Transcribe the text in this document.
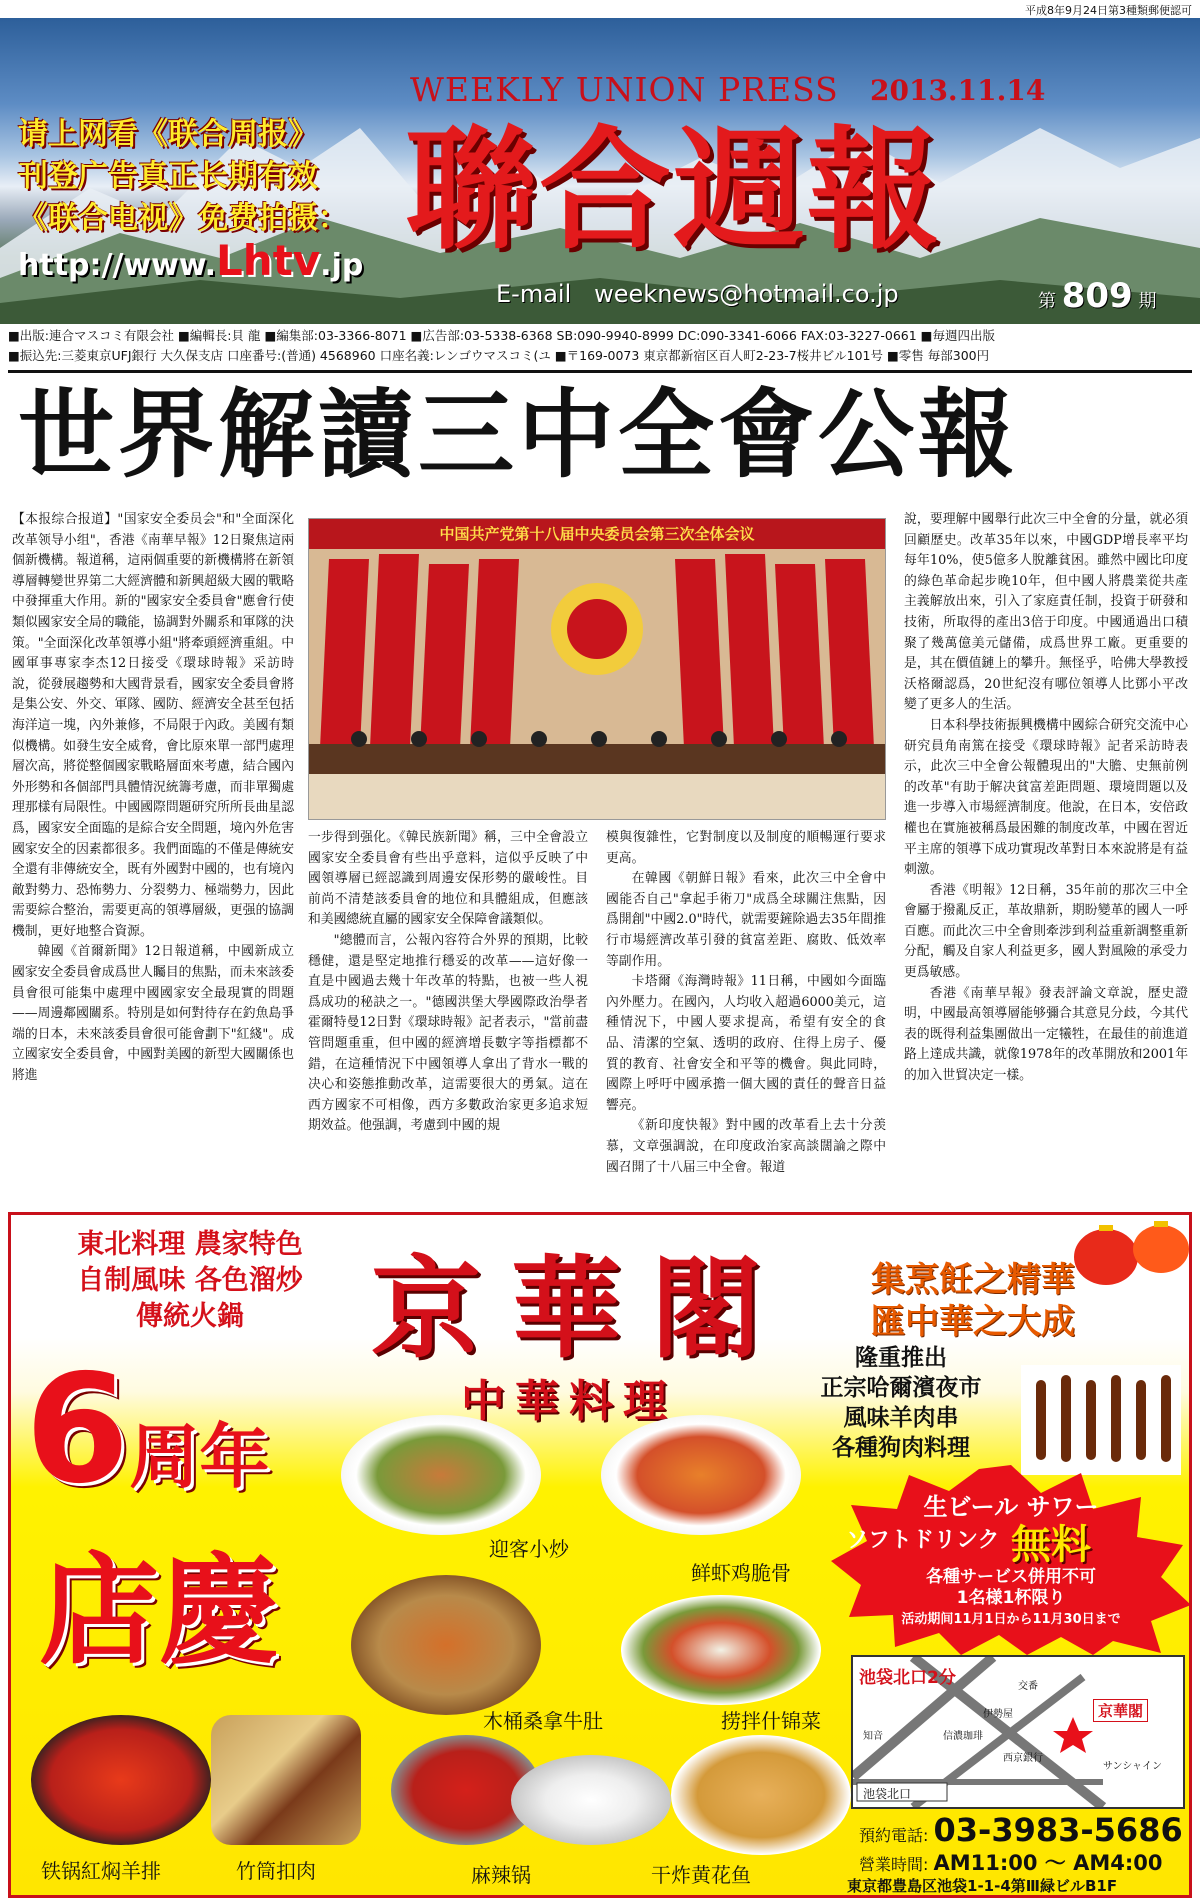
平成8年9月24日第3種類郵便認可
请上网看《联合周报》
刊登广告真正长期有效
《联合电视》免费拍摄：
http://www.Lhtv.jp
WEEKLY UNION PRESS 2013.11.14
聯合週報
E-mail weeknews@hotmail.co.jp	第 809 期
■出版:連合マスコミ有限会社 ■編輯長:貝 龍 ■編集部:03-3366-8071 ■広告部:03-5338-6368 SB:090-9940-8999 DC:090-3341-6066 FAX:03-3227-0661 ■毎週四出版
■振込先:三菱東京UFJ銀行 大久保支店 口座番号:(普通) 4568960 口座名義:レンゴウマスコミ(ユ ■〒169-0073 東京都新宿区百人町2-23-7桜井ビル101号 ■零售 毎部300円
世界解讀三中全會公報

【本报综合报道】"国家安全委员会"和"全面深化改革领导小组"，香港《南華早報》12日聚焦這兩個新機構。報道稱，這兩個重要的新機構將在新領導層轉變世界第二大經濟體和新興超級大國的戰略中發揮重大作用。新的"國家安全委員會"應會行使類似國家安全局的職能，協調對外關系和軍隊的決策。"全面深化改革領導小組"將牽頭經濟重組。中國軍事專家李杰12日接受《環球時報》采訪時說，從發展趨勢和大國背景看，國家安全委員會將是集公安、外交、軍隊、國防、經濟安全甚至包括海洋這一塊，內外兼修，不局限于內政。美國有類似機構。如發生安全威脅，會比原來單一部門處理層次高，將從整個國家戰略層面來考慮，結合國內外形勢和各個部門具體情況統籌考慮，而非單獨處理那樣有局限性。中國國際問題研究所所長曲星認爲，國家安全面臨的是綜合安全問題，境內外危害國家安全的因素都很多。我們面臨的不僅是傳統安全還有非傳統安全，既有外國對中國的，也有境內敵對勢力、恐怖勢力、分裂勢力、極端勢力，因此需要綜合整治，需要更高的領導層級，更强的協調機制，更好地整合資源。

韓國《首爾新聞》12日報道稱，中國新成立國家安全委員會成爲世人矚目的焦點，而未來該委員會很可能集中處理中國國家安全最現實的問題——周邊鄰國關系。特別是如何對待存在釣魚島爭端的日本，未來該委員會很可能會劃下"紅綫"。成立國家安全委員會，中國對美國的新型大國關係也將進

中国共产党第十八届中央委员会第三次全体会议

一步得到强化。《韓民族新聞》稱，三中全會設立國家安全委員會有些出乎意料，這似乎反映了中國領導層已經認識到周邊安保形勢的嚴峻性。目前尚不清楚該委員會的地位和具體組成，但應該和美國總統直屬的國家安全保障會議類似。

"總體而言，公報內容符合外界的預期，比較穩健，還是堅定地推行穩妥的改革——這好像一直是中國過去幾十年改革的特點，也被一些人視爲成功的秘訣之一。"德國洪堡大學國際政治學者霍爾特曼12日對《環球時報》記者表示，"當前盡管問題重重，但中國的經濟增長數字等指標都不錯，在這種情況下中國領導人拿出了背水一戰的决心和姿態推動改革，這需要很大的勇氣。這在西方國家不可相像，西方多數政治家更多追求短期效益。他强調，考慮到中國的規

模與復雜性，它對制度以及制度的順暢運行要求更高。

在韓國《朝鮮日報》看來，此次三中全會中國能否自己"拿起手術刀"成爲全球關注焦點，因爲開創"中國2.0"時代，就需要鏟除過去35年間推行市場經濟改革引發的貧富差距、腐敗、低效率等副作用。

卡塔爾《海灣時報》11日稱，中國如今面臨內外壓力。在國內，人均收入超過6000美元，這種情況下，中國人要求提高，希望有安全的食品、清潔的空氣、透明的政府、住得上房子、優質的教育、社會安全和平等的機會。與此同時，國際上呼吁中國承擔一個大國的責任的聲音日益響亮。

《新印度快報》對中國的改革看上去十分羡慕，文章强調說，在印度政治家高談闊論之際中國召開了十八届三中全會。報道

說，要理解中國舉行此次三中全會的分量，就必須回顧歷史。改革35年以來，中國GDP增長率平均每年10%，使5億多人脫離貧困。雖然中國比印度的綠色革命起步晚10年，但中國人將農業從共產主義解放出來，引入了家庭責任制，投資于研發和技術，所取得的產出3倍于印度。中國通過出口積聚了幾萬億美元儲備，成爲世界工廠。更重要的是，其在價值鏈上的攀升。無怪乎，哈佛大學教授沃格爾認爲，20世紀沒有哪位領導人比鄧小平改變了更多人的生活。

日本科學技術振興機構中國綜合研究交流中心研究員角南篤在接受《環球時報》記者采訪時表示，此次三中全會公報體現出的"大膽、史無前例的改革"有助于解决貧富差距問題、環境問題以及進一步導入市場經濟制度。他說，在日本，安倍政權也在實施被稱爲最困難的制度改革，中國在習近平主席的領導下成功實現改革對日本來說將是有益刺激。

香港《明報》12日稱，35年前的那次三中全會屬于撥亂反正，革故鼎新，期盼變革的國人一呼百應。而此次三中全會則牽涉到利益重新調整重新分配，觸及自家人利益更多，國人對風險的承受力更爲敏感。

香港《南華早報》發表評論文章說，歷史證明，中國最高領導層能够彌合其意見分歧，今其代表的既得利益集團做出一定犧牲，在最佳的前進道路上達成共識，就像1978年的改革開放和2001年的加入世貿决定一樣。

東北料理 農家特色
自制風味 各色溜炒
傳統火鍋	京華閣 集烹飪之精華
匯中華之大成
中華料理
6周年
店慶
隆重推出
正宗哈爾濱夜市
風味羊肉串
各種狗肉料理
生ビール サワー
ソフトドリンク 無料
各種サービス併用不可
1名様1杯限り
活动期间11月1日から11月30日まで
迎客小炒
鲜虾鸡脆骨
木桶桑拿牛肚	捞拌什锦菜
铁锅紅焖羊排	竹筒扣肉	麻辣锅	干炸黄花鱼
池袋北口2分
池袋北口
交番
知音	信濃珈琲
西京銀行
伊勢屋
サンシャイン
京華閣
預約電話: 03-3983-5686
營業時間: AM11:00 ～ AM4:00
東京都豊島区池袋1-1-4第Ⅲ緑ビルB1F
